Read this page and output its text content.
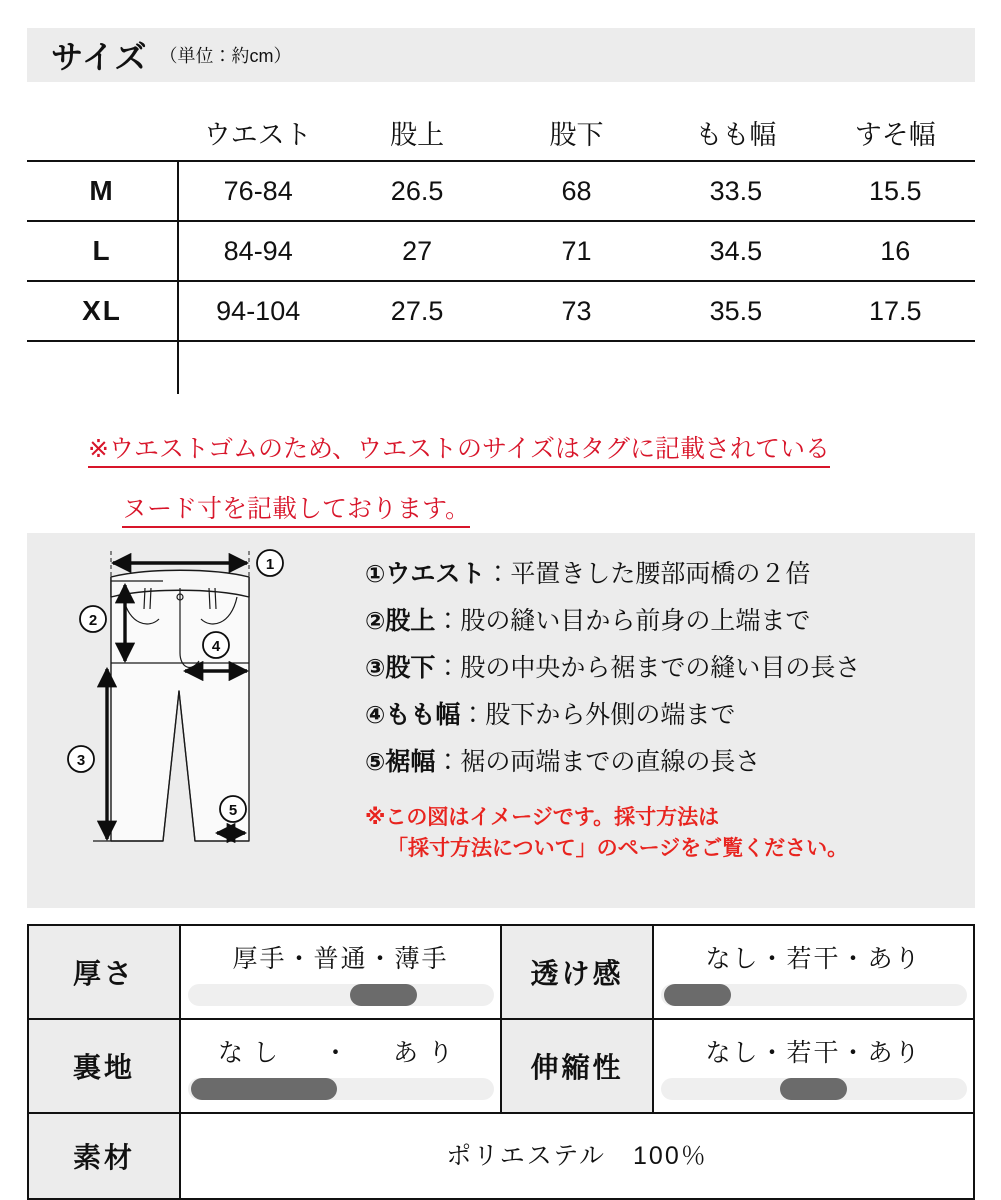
サイズ （単位：約cm）
	ウエスト	股上	股下	もも幅	すそ幅
M	76-84	26.5	68	33.5	15.5
L	84-94	27	71	34.5	16
XL	94-104	27.5	73	35.5	17.5

※ウエストゴムのため、ウエストのサイズはタグに記載されている
ヌード寸を記載しております。
1
2
3
4
5
①ウエスト：平置きした腰部両橋の２倍
②股上：股の縫い目から前身の上端まで
③股下：股の中央から裾までの縫い目の長さ
④もも幅：股下から外側の端まで
⑤裾幅：裾の両端までの直線の長さ
※この図はイメージです。採寸方法は
「採寸方法について」のページをご覧ください。
厚さ	厚手・普通・薄手	透け感	なし・若干・あり

裏地	なし　・　あり	伸縮性	なし・若干・あり

素材	ポリエステル　100％		
